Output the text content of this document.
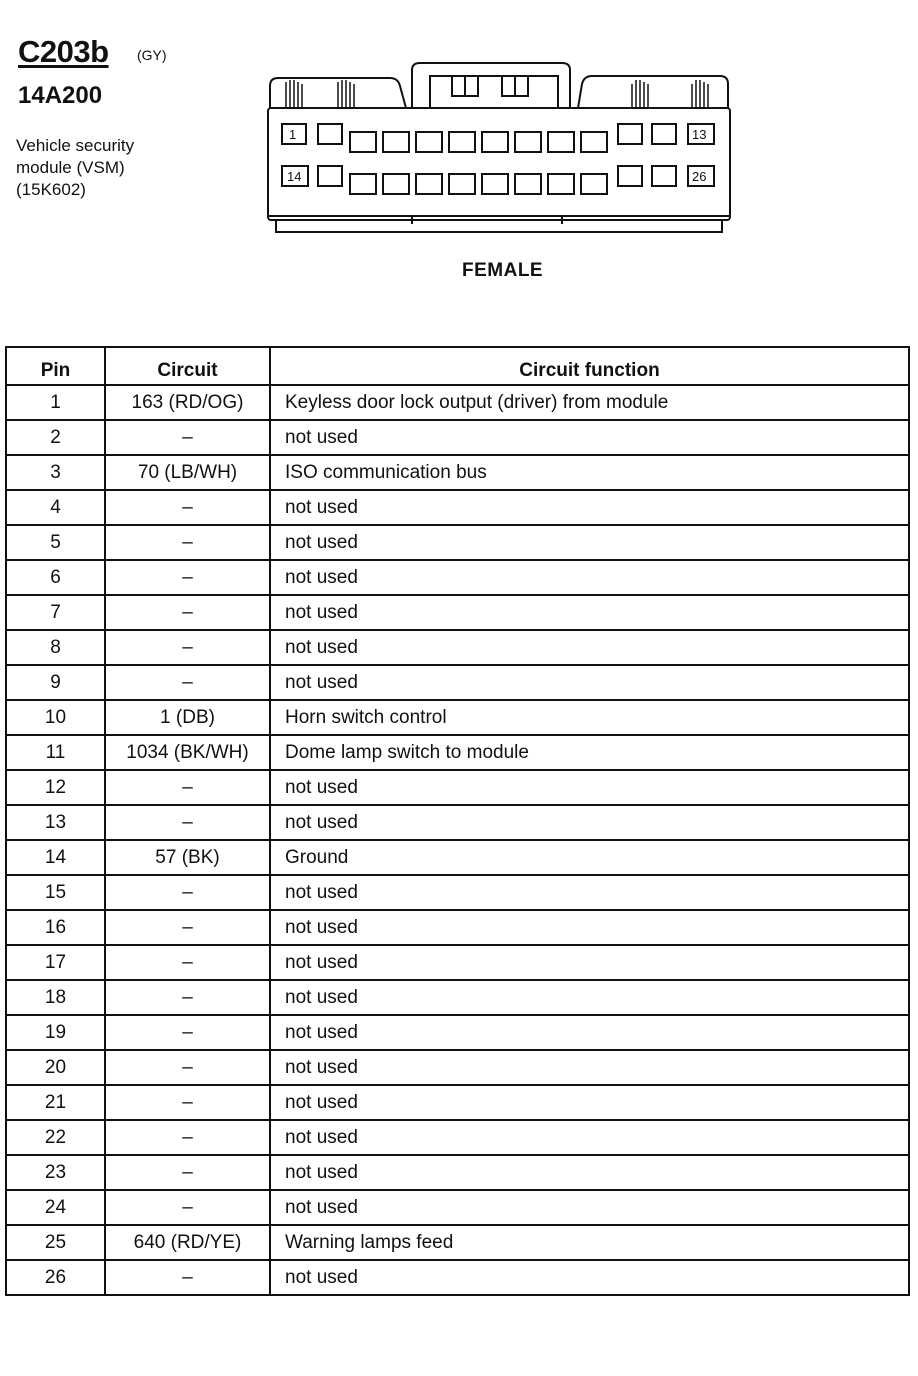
C203b (GY)
14A200
Vehicle security
module (VSM)
(15K602)
1	13
14	26
FEMALE
Pin	Circuit	Circuit function
1	163 (RD/OG)	Keyless door lock output (driver) from module
2	–	not used
3	70 (LB/WH)	ISO communication bus
4	–	not used
5	–	not used
6	–	not used
7	–	not used
8	–	not used
9	–	not used
10	1 (DB)	Horn switch control
11	1034 (BK/WH)	Dome lamp switch to module
12	–	not used
13	–	not used
14	57 (BK)	Ground
15	–	not used
16	–	not used
17	–	not used
18	–	not used
19	–	not used
20	–	not used
21	–	not used
22	–	not used
23	–	not used
24	–	not used
25	640 (RD/YE)	Warning lamps feed
26	–	not used
